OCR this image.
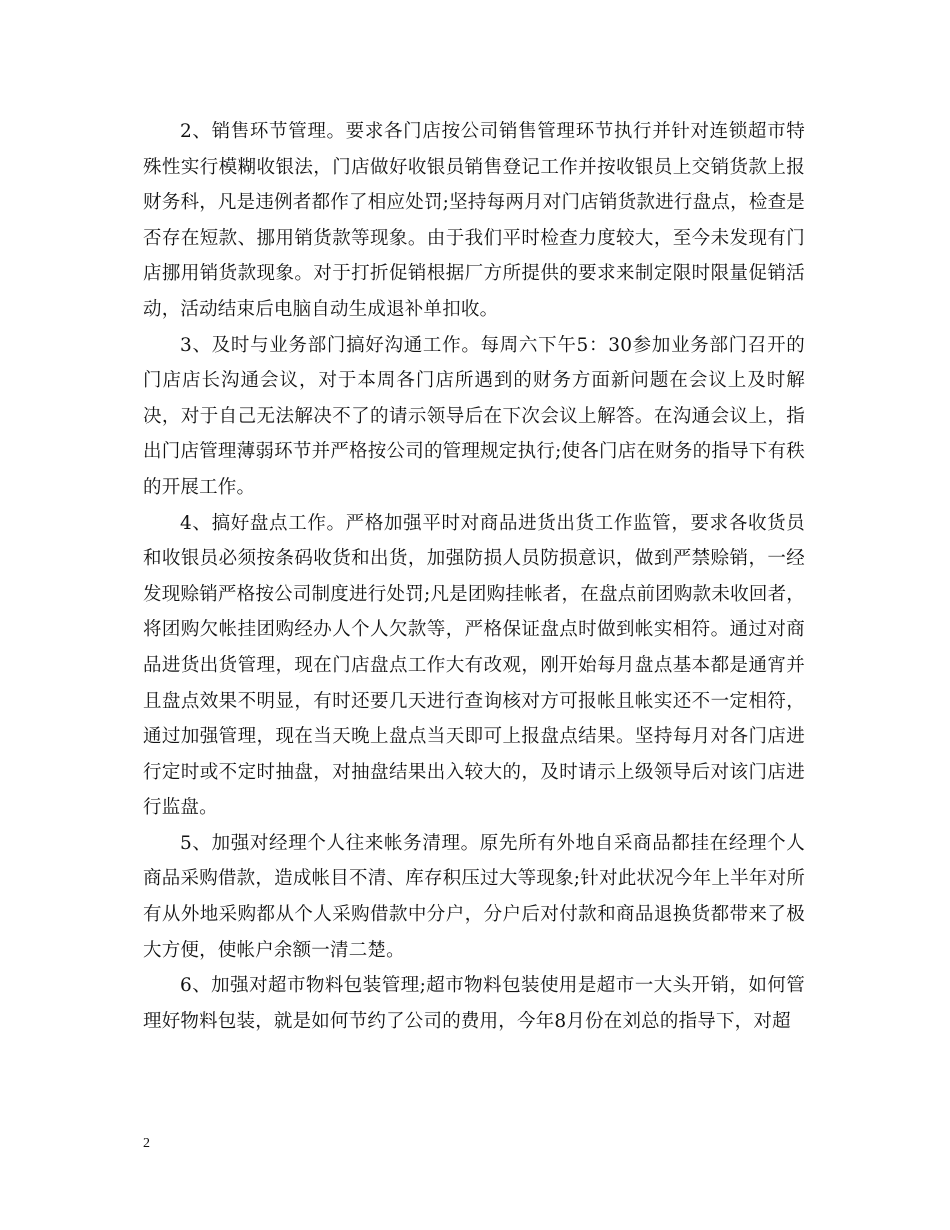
2、销售环节管理。要求各门店按公司销售管理环节执行并针对连锁超市特殊性实行模糊收银法，门店做好收银员销售登记工作并按收银员上交销货款上报财务科，凡是违例者都作了相应处罚;坚持每两月对门店销货款进行盘点，检查是否存在短款、挪用销货款等现象。由于我们平时检查力度较大，至今未发现有门店挪用销货款现象。对于打折促销根据厂方所提供的要求来制定限时限量促销活动，活动结束后电脑自动生成退补单扣收。

3、及时与业务部门搞好沟通工作。每周六下午5：30参加业务部门召开的门店店长沟通会议，对于本周各门店所遇到的财务方面新问题在会议上及时解决，对于自己无法解决不了的请示领导后在下次会议上解答。在沟通会议上，指出门店管理薄弱环节并严格按公司的管理规定执行;使各门店在财务的指导下有秩的开展工作。

4、搞好盘点工作。严格加强平时对商品进货出货工作监管，要求各收货员和收银员必须按条码收货和出货，加强防损人员防损意识，做到严禁赊销，一经发现赊销严格按公司制度进行处罚;凡是团购挂帐者，在盘点前团购款未收回者，将团购欠帐挂团购经办人个人欠款等，严格保证盘点时做到帐实相符。通过对商品进货出货管理，现在门店盘点工作大有改观，刚开始每月盘点基本都是通宵并且盘点效果不明显，有时还要几天进行查询核对方可报帐且帐实还不一定相符，通过加强管理，现在当天晚上盘点当天即可上报盘点结果。坚持每月对各门店进行定时或不定时抽盘，对抽盘结果出入较大的，及时请示上级领导后对该门店进行监盘。

5、加强对经理个人往来帐务清理。原先所有外地自采商品都挂在经理个人商品采购借款，造成帐目不清、库存积压过大等现象;针对此状况今年上半年对所有从外地采购都从个人采购借款中分户，分户后对付款和商品退换货都带来了极大方便，使帐户余额一清二楚。

6、加强对超市物料包装管理;超市物料包装使用是超市一大头开销，如何管理好物料包装，就是如何节约了公司的费用，今年8月份在刘总的指导下，对超

2
